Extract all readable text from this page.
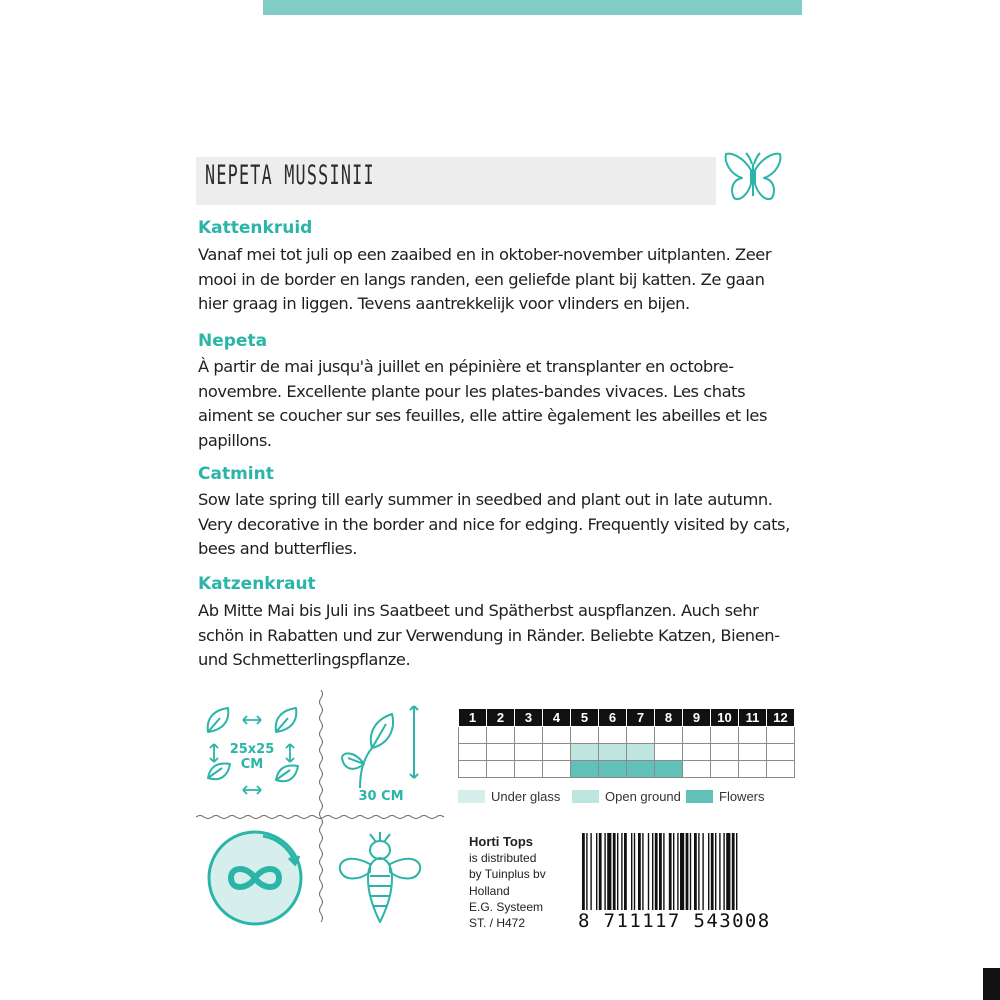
NEPETA MUSSINII
Kattenkruid
Vanaf mei tot juli op een zaaibed en in oktober-november uitplanten. Zeer
mooi in de border en langs randen, een geliefde plant bij katten. Ze gaan
hier graag in liggen. Tevens aantrekkelijk voor vlinders en bijen.
Nepeta
À partir de mai jusqu'à juillet en pépinière et transplanter en octobre-
novembre. Excellente plante pour les plates-bandes vivaces. Les chats
aiment se coucher sur ses feuilles, elle attire ègalement les abeilles et les
papillons.
Catmint
Sow late spring till early summer in seedbed and plant out in late autumn.
Very decorative in the border and nice for edging. Frequently visited by cats,
bees and butterflies.
Katzenkraut
Ab Mitte Mai bis Juli ins Saatbeet und Spätherbst auspflanzen. Auch sehr
schön in Rabatten und zur Verwendung in Ränder. Beliebte Katzen, Bienen-
und Schmetterlingspflanze.
25x25
CM
30 CM
1	2	3	4	5	6	7	8	9	10	11	12

Under glass	Open ground	Flowers
Horti Tops
is distributed
by Tuinplus bv
Holland
E.G. Systeem
ST. / H472	8 711117 543008
